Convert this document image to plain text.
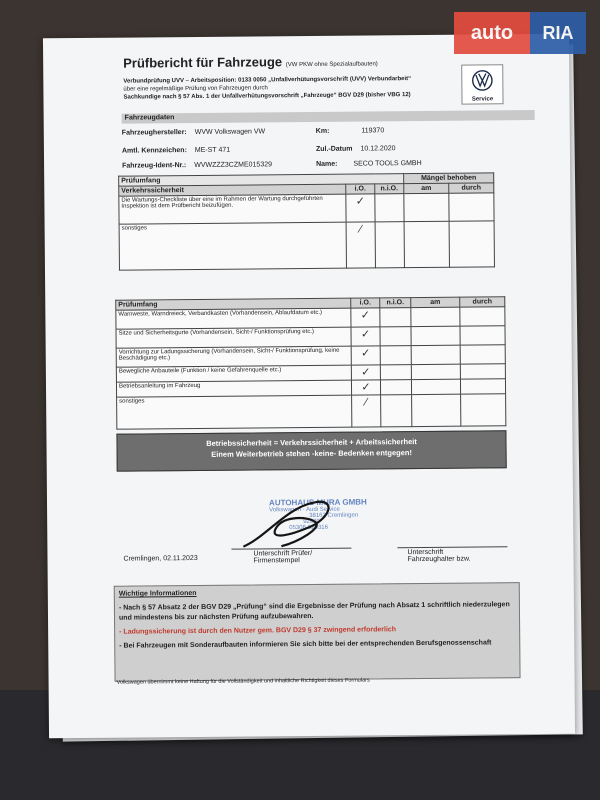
Prüfbericht für Fahrzeuge (VW PKW ohne Spezialaufbauten)
Verbundprüfung UVV – Arbeitsposition: 0133 0050 „Unfallverhütungsvorschrift (UVV) Verbundarbeit“
über eine regelmäßige Prüfung von Fahrzeugen durch
Sachkundige nach § 57 Abs. 1 der Unfallverhütungsvorschrift „Fahrzeuge“ BGV D29 (bisher VBG 12)	Service
Fahrzeugdaten
Fahrzeughersteller: WVW Volkswagen VW	Km:	119370
Amtl. Kennzeichen: ME-ST 471	Zul.-Datum 10.12.2020
Fahrzeug-Ident-Nr.: WVWZZZ3CZME015329	Name: SECO TOOLS GMBH
Prüfumfang			Mängel behoben	
Verkehrssicherheit	i.O.	n.i.O.	am	durch
Die Wartungs-Checkliste über eine im Rahmen der Wartung durchgeführten Inspektion ist dem Prüfbericht beizufügen.	✓			
sonstiges	⁄			
Prüfumfang	i.O.	n.i.O.	am	durch
Warnweste, Warndreieck, Verbandkasten (Vorhandensein, Ablaufdatum etc.)	✓			
Sitze und Sicherheitsgurte (Vorhandensein, Sicht-/ Funktionsprüfung etc.)	✓			
Vorrichtung zur Ladungssicherung (Vorhandensein, Sicht-/ Funktionsprüfung, keine Beschädigung etc.)	✓			
Bewegliche Anbauteile (Funktion / keine Gefahrenquelle etc.)	✓			
Betriebsanleitung im Fahrzeug	✓			
sonstiges	⁄			
Betriebssicherheit = Verkehrssicherheit + Arbeitssicherheit
Einem Weiterbetrieb stehen -keine- Bedenken entgegen!
AUTOHAUS MURA GMBH
Volkswagen · Audi Service
38162 Cremlingen
92930
05306-929316
Cremlingen, 02.11.2023
Unterschrift Prüfer/
Firmenstempel
Unterschrift
Fahrzeughalter bzw.
Wichtige Informationen
- Nach § 57 Absatz 2 der BGV D29 „Prüfung“ sind die Ergebnisse der Prüfung nach Absatz 1 schriftlich niederzulegen und mindestens bis zur nächsten Prüfung aufzubewahren.
- Ladungssicherung ist durch den Nutzer gem. BGV D29 § 37 zwingend erforderlich
- Bei Fahrzeugen mit Sonderaufbauten informieren Sie sich bitte bei der entsprechenden Berufsgenossenschaft
Volkswagen übernimmt keine Haftung für die Vollständigkeit und inhaltliche Richtigkeit dieses Formulars
auto	RIA
